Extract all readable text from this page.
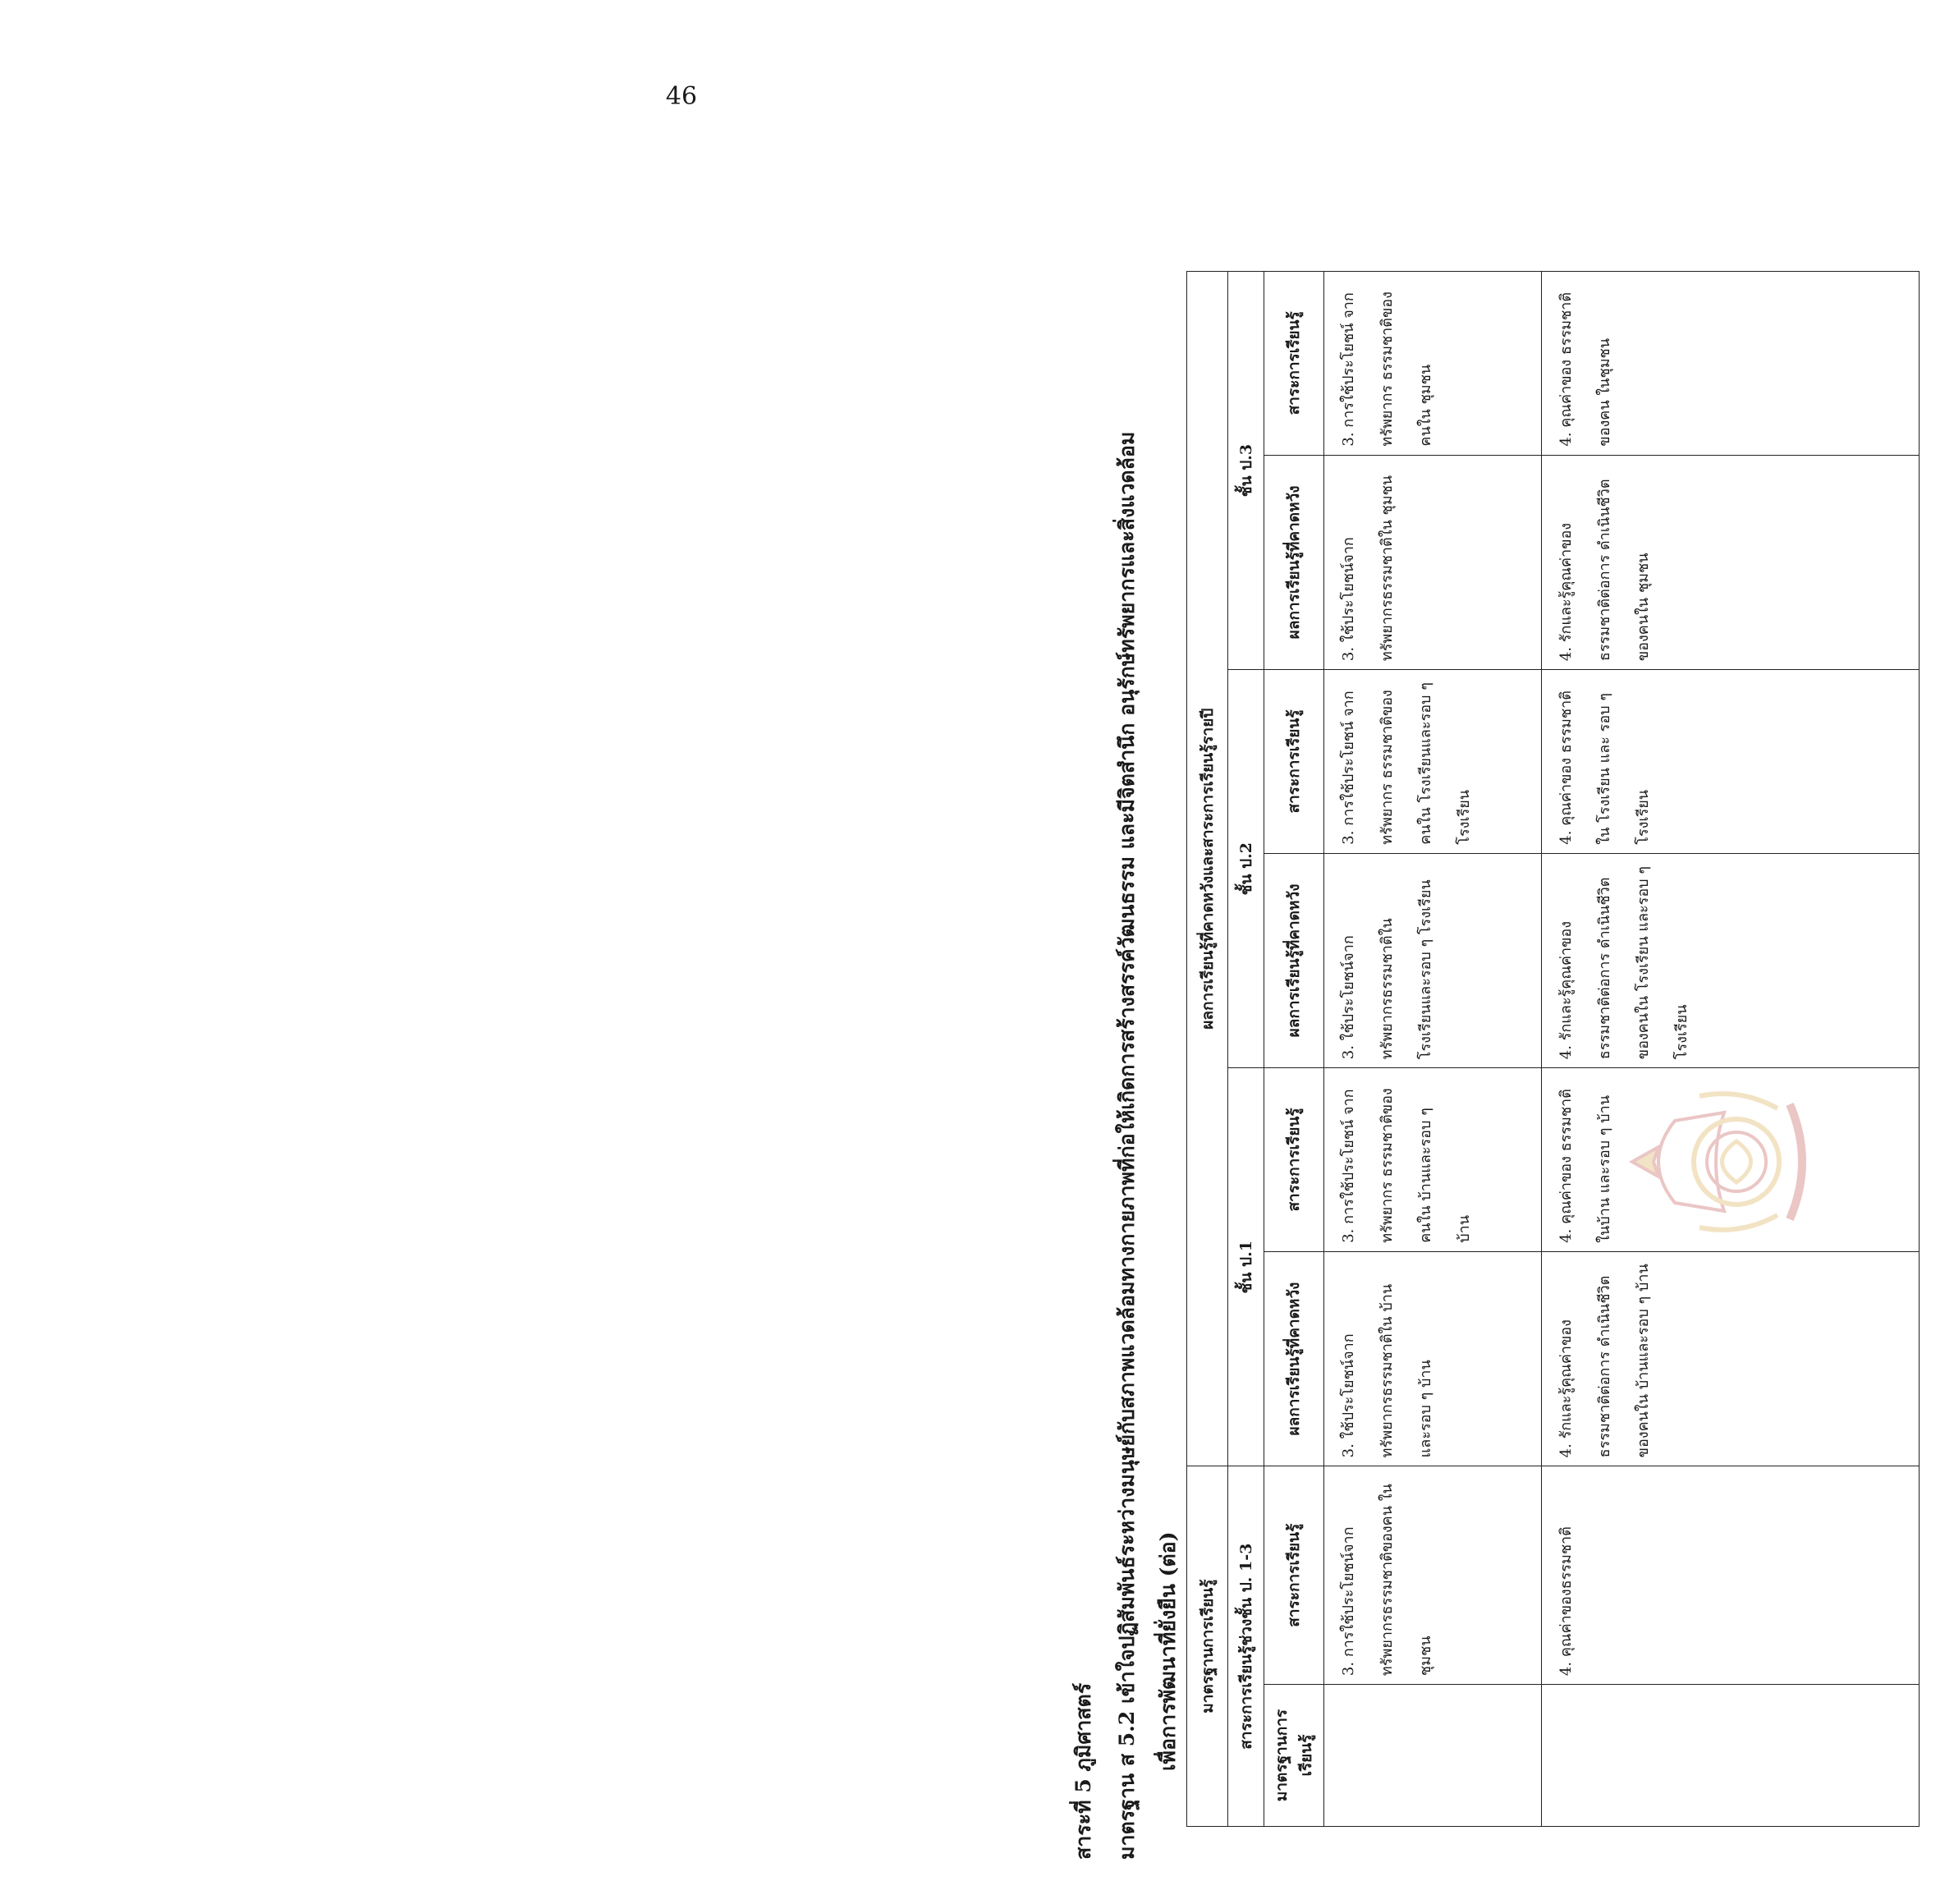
46
สาระที่ 5 ภูมิศาสตร์ มาตรฐาน ส 5.2 เข้าใจปฏิสัมพันธ์ระหว่างมนุษย์กับสภาพแวดล้อมทางกายภาพที่ก่อให้เกิดการสร้างสรรค์วัฒนธรรม และมีจิตสำนึก อนุรักษ์ทรัพยากรและสิ่งแวดล้อม เพื่อการพัฒนาที่ยั่งยืน (ต่อ)	มาตรฐานการเรียนรู้		ผลการเรียนรู้ที่คาดหวังและสาระการเรียนรู้รายปี					
สาระการเรียนรู้ช่วงชั้น ป. 1-3		ชั้น ป.1		ชั้น ป.2		ชั้น ป.3	
มาตรฐานการเรียนรู้	สาระการเรียนรู้	ผลการเรียนรู้ที่คาดหวัง	สาระการเรียนรู้	ผลการเรียนรู้ที่คาดหวัง	สาระการเรียนรู้	ผลการเรียนรู้ที่คาดหวัง	สาระการเรียนรู้
	3. การใช้ประโยชน์จาก ทรัพยากรธรรมชาติของคน ในชุมชน	3. ใช้ประโยชน์จาก ทรัพยากรธรรมชาติใน บ้านและรอบ ๆ บ้าน	3. การใช้ประโยชน์ จากทรัพยากร ธรรมชาติของคนใน บ้านและรอบ ๆ บ้าน	3. ใช้ประโยชน์จาก ทรัพยากรธรรมชาติใน โรงเรียนและรอบ ๆ โรงเรียน	3. การใช้ประโยชน์ จากทรัพยากร ธรรมชาติของคนใน โรงเรียนและรอบ ๆ โรงเรียน	3. ใช้ประโยชน์จาก ทรัพยากรธรรมชาติใน ชุมชน	3. การใช้ประโยชน์ จากทรัพยากร ธรรมชาติของคนใน ชุมชน
	4. คุณค่าของธรรมชาติ	4. รักและรู้คุณค่าของ ธรรมชาติต่อการ ดำเนินชีวิตของคนใน บ้านและรอบ ๆ บ้าน	4. คุณค่าของ ธรรมชาติในบ้าน และรอบ ๆ บ้าน	4. รักและรู้คุณค่าของ ธรรมชาติต่อการ ดำเนินชีวิตของคนใน โรงเรียน และรอบ ๆ โรงเรียน	4. คุณค่าของ ธรรมชาติใน โรงเรียน และ รอบ ๆโรงเรียน	4. รักและรู้คุณค่าของ ธรรมชาติต่อการ ดำเนินชีวิตของคนใน ชุมชน	4. คุณค่าของ ธรรมชาติของคน ในชุมชน
